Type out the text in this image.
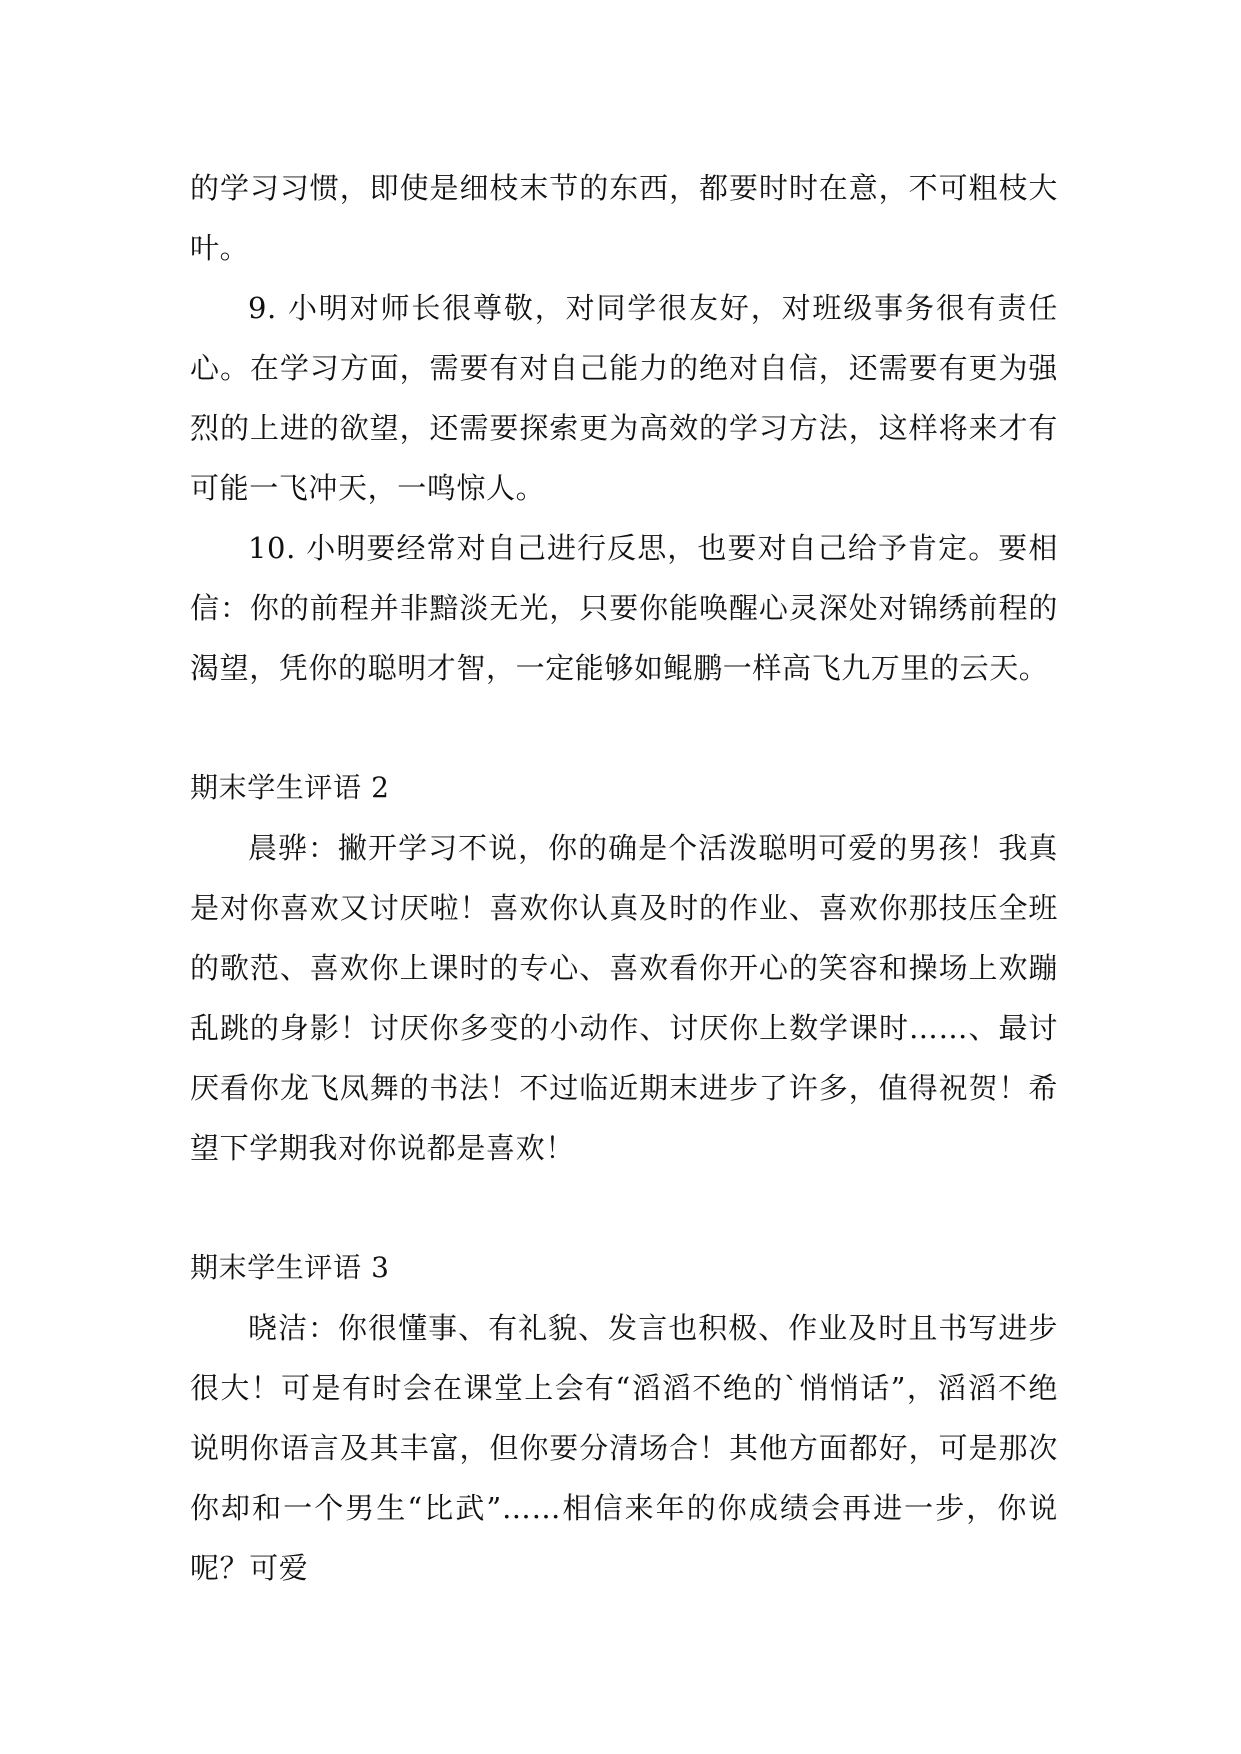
的学习习惯，即使是细枝末节的东西，都要时时在意，不可粗枝大叶。

9. 小明对师长很尊敬，对同学很友好，对班级事务很有责任心。在学习方面，需要有对自己能力的绝对自信，还需要有更为强烈的上进的欲望，还需要探索更为高效的学习方法，这样将来才有可能一飞冲天，一鸣惊人。

10. 小明要经常对自己进行反思，也要对自己给予肯定。要相信：你的前程并非黯淡无光，只要你能唤醒心灵深处对锦绣前程的渴望，凭你的聪明才智，一定能够如鲲鹏一样高飞九万里的云天。

期末学生评语 2

晨骅：撇开学习不说，你的确是个活泼聪明可爱的男孩！我真是对你喜欢又讨厌啦！喜欢你认真及时的作业、喜欢你那技压全班的歌范、喜欢你上课时的专心、喜欢看你开心的笑容和操场上欢蹦乱跳的身影！讨厌你多变的小动作、讨厌你上数学课时……、最讨厌看你龙飞凤舞的书法！不过临近期末进步了许多，值得祝贺！希望下学期我对你说都是喜欢！

期末学生评语 3

晓洁：你很懂事、有礼貌、发言也积极、作业及时且书写进步很大！可是有时会在课堂上会有“滔滔不绝的`悄悄话”，滔滔不绝说明你语言及其丰富，但你要分清场合！其他方面都好，可是那次你却和一个男生“比武”……相信来年的你成绩会再进一步，你说呢？可爱
